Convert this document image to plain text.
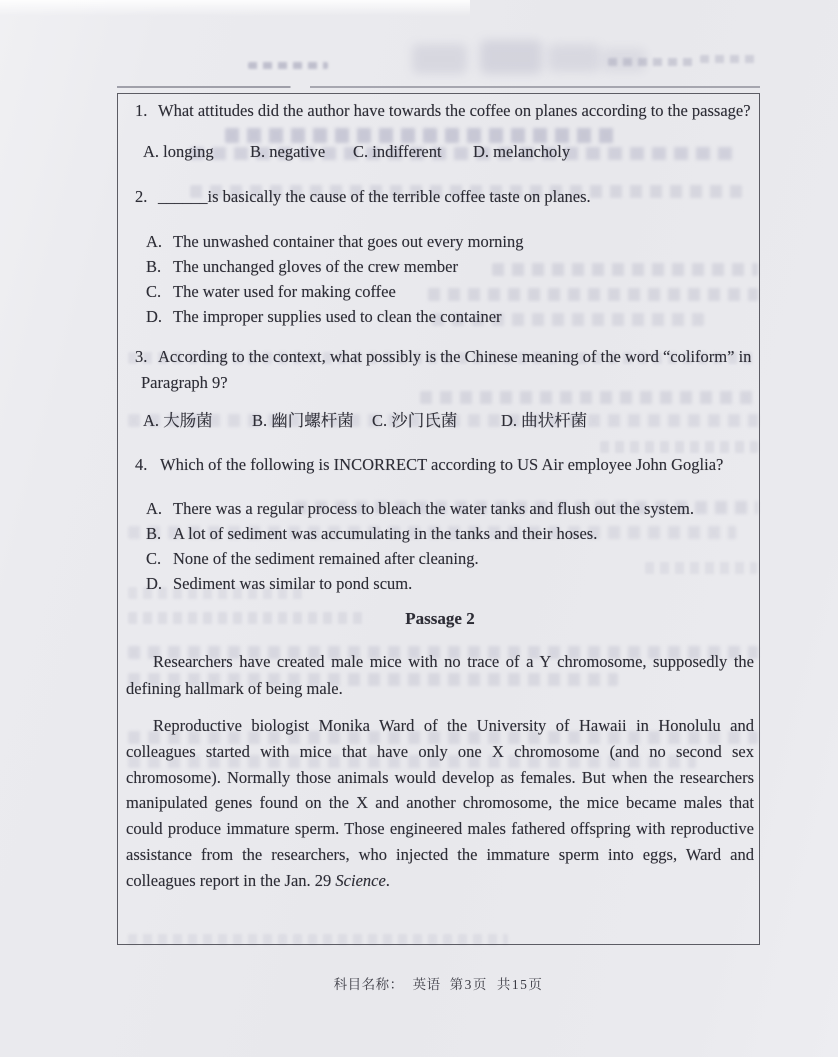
1. What attitudes did the author have towards the coffee on planes according to the passage?
A. longing	B. negative	C. indifferent	D. melancholy
2. ______is basically the cause of the terrible coffee taste on planes.
A. The unwashed container that goes out every morning
B. The unchanged gloves of the crew member
C. The water used for making coffee
D. The improper supplies used to clean the container
3. According to the context, what possibly is the Chinese meaning of the word “coliform” in Paragraph 9?
A. 大肠菌	B. 幽门螺杆菌	C. 沙门氏菌	D. 曲状杆菌
4. Which of the following is INCORRECT according to US Air employee John Goglia?
A. There was a regular process to bleach the water tanks and flush out the system.
B. A lot of sediment was accumulating in the tanks and their hoses.
C. None of the sediment remained after cleaning.
D. Sediment was similar to pond scum.
Passage 2

Researchers have created male mice with no trace of a Y chromosome, supposedly the defining hallmark of being male.

Reproductive biologist Monika Ward of the University of Hawaii in Honolulu and colleagues started with mice that have only one X chromosome (and no second sex chromosome). Normally those animals would develop as females. But when the researchers manipulated genes found on the X and another chromosome, the mice became males that could produce immature sperm. Those engineered males fathered offspring with reproductive assistance from the researchers, who injected the immature sperm into eggs, Ward and colleagues report in the Jan. 29 Science.

科目名称： 英语 第3页 共15页
